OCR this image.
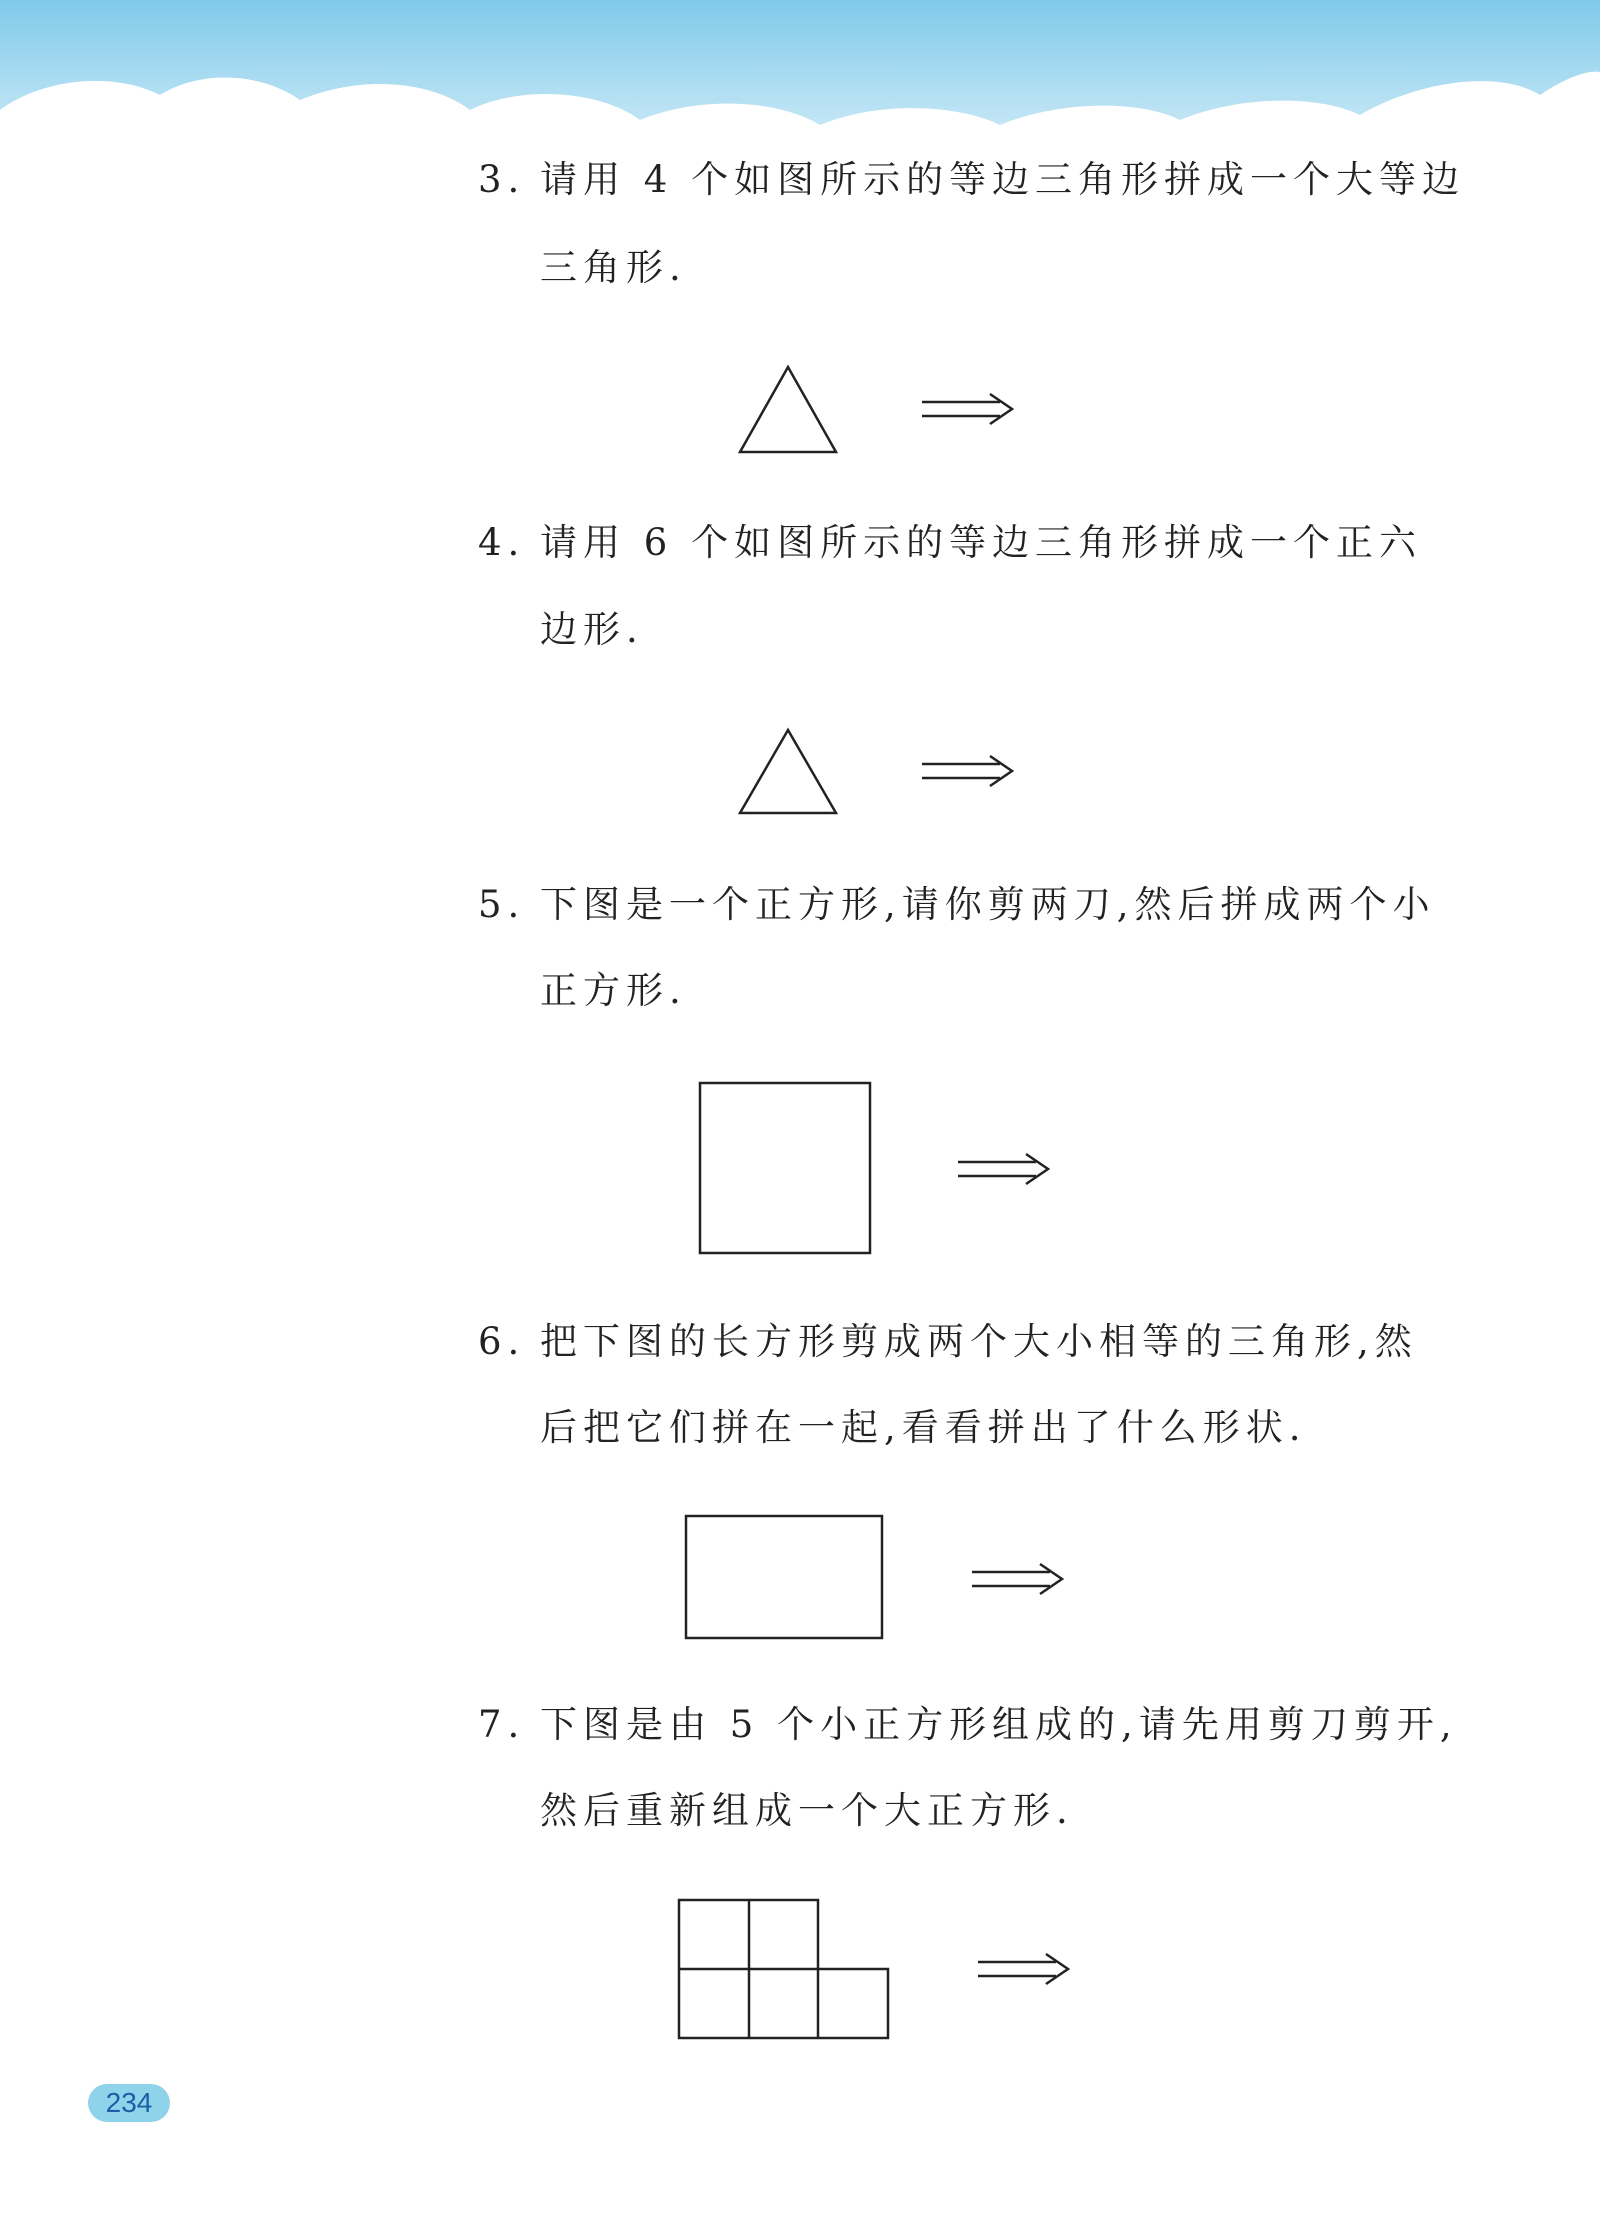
3. 请用 4 个如图所示的等边三角形拼成一个大等边
三角形.
4. 请用 6 个如图所示的等边三角形拼成一个正六
边形.
5. 下图是一个正方形,请你剪两刀,然后拼成两个小
正方形.
6. 把下图的长方形剪成两个大小相等的三角形,然
后把它们拼在一起,看看拼出了什么形状.
7. 下图是由 5 个小正方形组成的,请先用剪刀剪开,
然后重新组成一个大正方形.
234
